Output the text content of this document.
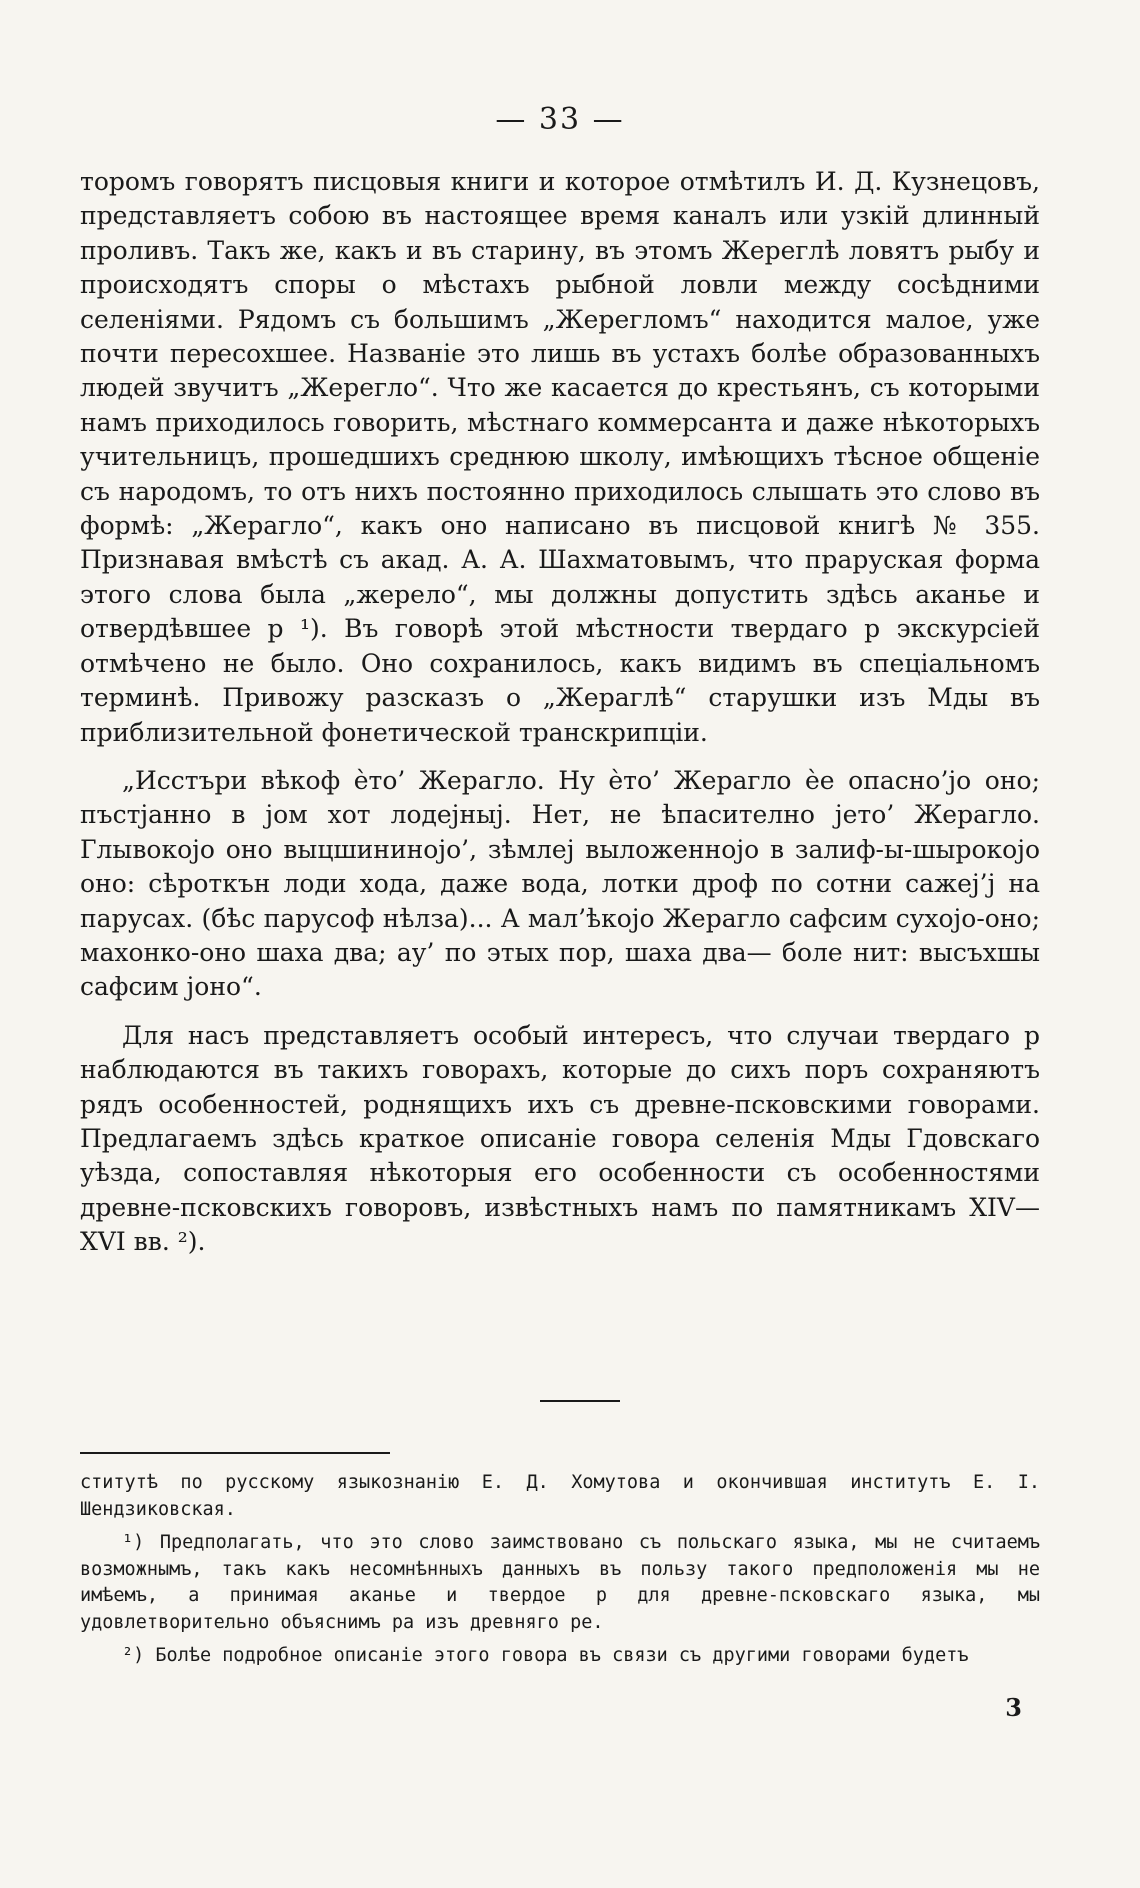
— 33 —

торомъ говорятъ писцовыя книги и которое отмѣтилъ И. Д. Кузнецовъ, представляетъ собою въ настоящее время каналъ или узкій длинный проливъ. Такъ же, какъ и въ старину, въ этомъ Жереглѣ ловятъ рыбу и происходятъ споры о мѣстахъ рыбной ловли между сосѣдними селеніями. Рядомъ съ большимъ „Жерегломъ“ находится малое, уже почти пересохшее. Названіе это лишь въ устахъ болѣе образованныхъ людей звучитъ „Жерегло“. Что же касается до крестьянъ, съ которыми намъ приходилось говорить, мѣстнаго коммерсанта и даже нѣкоторыхъ учительницъ, прошедшихъ среднюю школу, имѣющихъ тѣсное общеніе съ народомъ, то отъ нихъ постоянно приходилось слышать это слово въ формѣ: „Жерагло“, какъ оно написано въ писцовой книгѣ № 355. Признавая вмѣстѣ съ акад. А. А. Шахматовымъ, что праруская форма этого слова была „жерело“, мы должны допустить здѣсь аканье и отвердѣвшее р ¹). Въ говорѣ этой мѣстности твердаго р экскурсіей отмѣчено не было. Оно сохранилось, какъ видимъ въ спеціальномъ терминѣ. Привожу разсказъ о „Жераглѣ“ старушки изъ Мды въ приблизительной фонетической транскрипціи.

„Исстъри вѣкоф ѐто’ Жерагло. Ну ѐто’ Жерагло ѐе опасно’јо оно; пъстјанно в јом хот лодејныј. Нет, не ѣпасително јето’ Жерагло. Глывокојо оно выцшининојо’, зѣмлеј выложеннојо в залиф-ы-шырокојо оно: сѣроткън лоди хода, даже вода, лотки дроф по сотни сажеј’ј на парусах. (бѣс парусоф нѣлза)... А мал’ѣкојо Жерагло сафсим сухојо-оно; махонко-оно шаха два; ау’ по этых пор, шаха два— боле нит: высъхшы сафсим јоно“.

Для насъ представляетъ особый интересъ, что случаи твердаго р наблюдаются въ такихъ говорахъ, которые до сихъ поръ сохраняютъ рядъ особенностей, роднящихъ ихъ съ древне-псковскими говорами. Предлагаемъ здѣсь краткое описаніе говора селенія Мды Гдовскаго уѣзда, сопоставляя нѣкоторыя его особенности съ особенностями древне-псковскихъ говоровъ, извѣстныхъ намъ по памятникамъ XIV—XVI вв. ²).

ститутѣ по русскому языкознанію Е. Д. Хомутова и окончившая институтъ Е. І. Шендзиковская.

¹) Предполагать, что это слово заимствовано съ польскаго языка, мы не считаемъ возможнымъ, такъ какъ несомнѣнныхъ данныхъ въ пользу такого предположенія мы не имѣемъ, а принимая аканье и твердое р для древне-псковскаго языка, мы удовлетворительно объяснимъ ра изъ древняго ре.

²) Болѣе подробное описаніе этого говора въ связи съ другими говорами будетъ

3
